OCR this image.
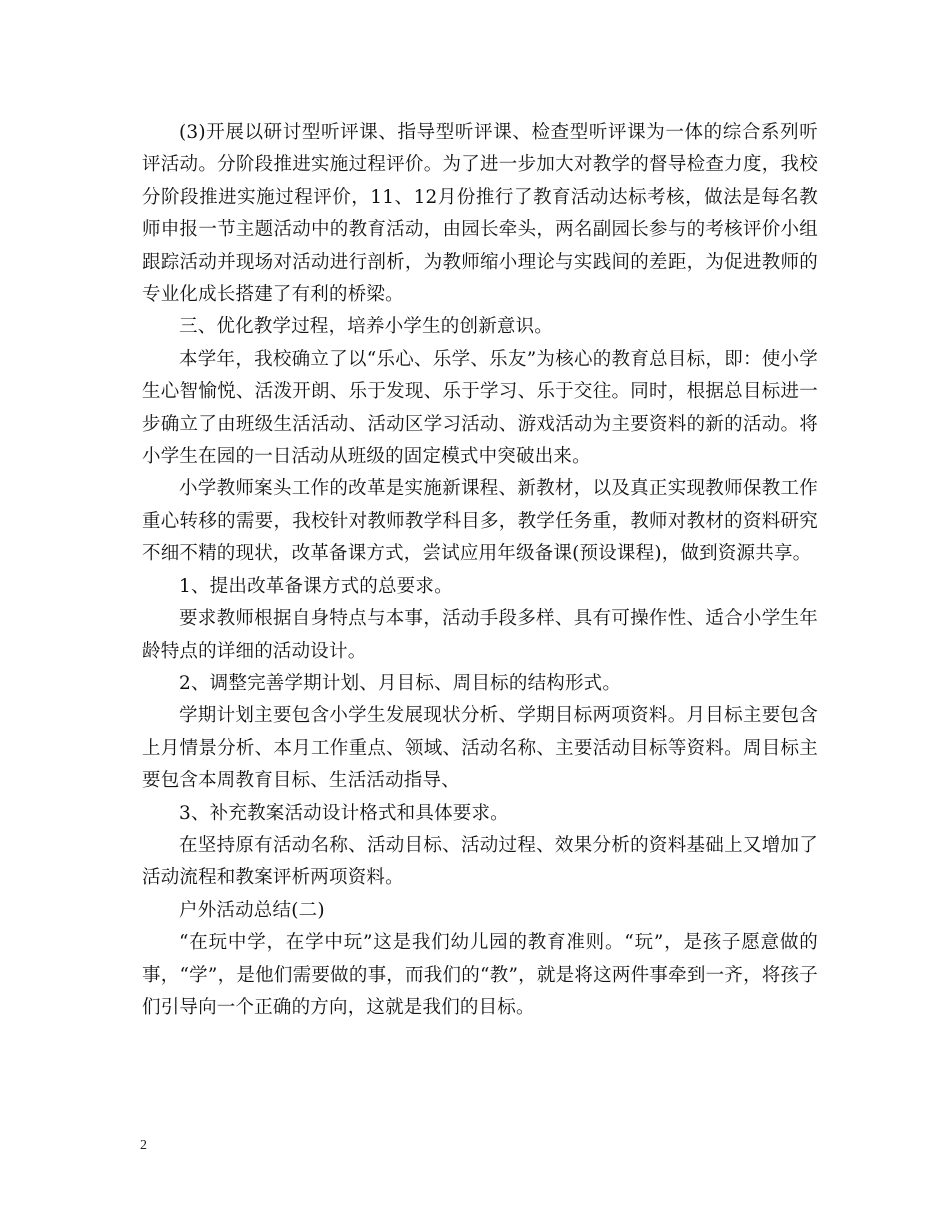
(3)开展以研讨型听评课、指导型听评课、检查型听评课为一体的综合系列听评活动。分阶段推进实施过程评价。为了进一步加大对教学的督导检查力度，我校分阶段推进实施过程评价，11、12月份推行了教育活动达标考核，做法是每名教师申报一节主题活动中的教育活动，由园长牵头，两名副园长参与的考核评价小组跟踪活动并现场对活动进行剖析，为教师缩小理论与实践间的差距，为促进教师的专业化成长搭建了有利的桥梁。

三、优化教学过程，培养小学生的创新意识。

本学年，我校确立了以“乐心、乐学、乐友”为核心的教育总目标，即：使小学生心智愉悦、活泼开朗、乐于发现、乐于学习、乐于交往。同时，根据总目标进一步确立了由班级生活活动、活动区学习活动、游戏活动为主要资料的新的活动。将小学生在园的一日活动从班级的固定模式中突破出来。

小学教师案头工作的改革是实施新课程、新教材，以及真正实现教师保教工作重心转移的需要，我校针对教师教学科目多，教学任务重，教师对教材的资料研究不细不精的现状，改革备课方式，尝试应用年级备课(预设课程)，做到资源共享。

1、提出改革备课方式的总要求。

要求教师根据自身特点与本事，活动手段多样、具有可操作性、适合小学生年龄特点的详细的活动设计。

2、调整完善学期计划、月目标、周目标的结构形式。

学期计划主要包含小学生发展现状分析、学期目标两项资料。月目标主要包含上月情景分析、本月工作重点、领域、活动名称、主要活动目标等资料。周目标主要包含本周教育目标、生活活动指导、

3、补充教案活动设计格式和具体要求。

在坚持原有活动名称、活动目标、活动过程、效果分析的资料基础上又增加了活动流程和教案评析两项资料。

户外活动总结(二)

“在玩中学，在学中玩”这是我们幼儿园的教育准则。“玩”，是孩子愿意做的事，“学”，是他们需要做的事，而我们的“教”，就是将这两件事牵到一齐，将孩子们引导向一个正确的方向，这就是我们的目标。

2
